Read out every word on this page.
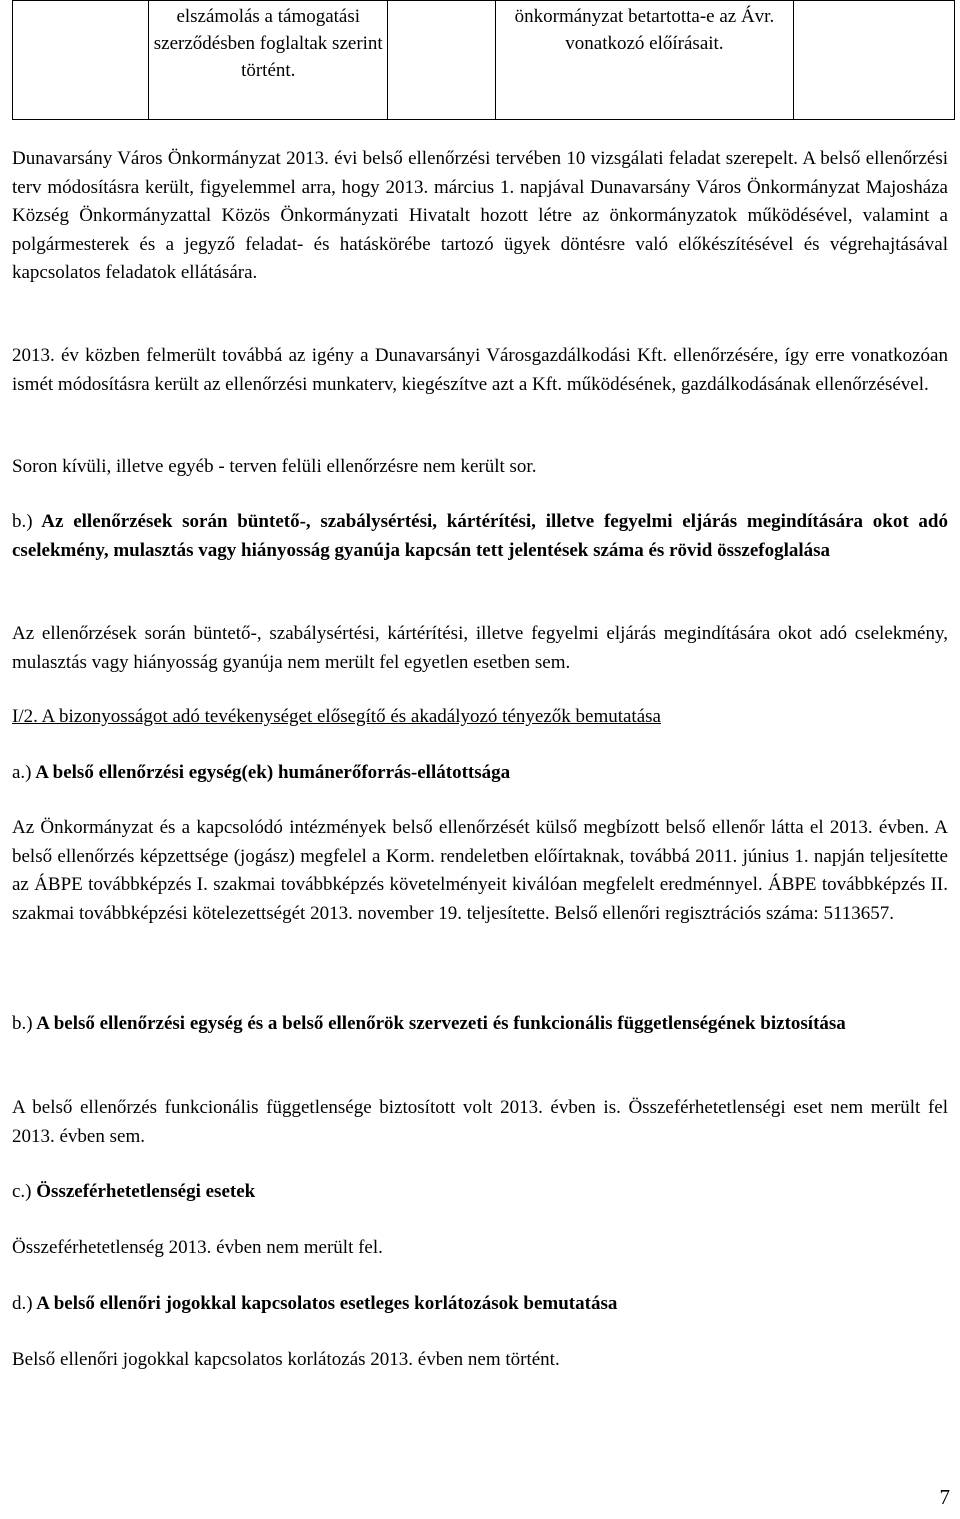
	elszámolás a támogatási szerződésben foglaltak szerint történt.		önkormányzat betartotta-e az Ávr. vonatkozó előírásait.	
Dunavarsány Város Önkormányzat 2013. évi belső ellenőrzési tervében 10 vizsgálati feladat szerepelt. A belső ellenőrzési terv módosításra került, figyelemmel arra, hogy 2013. március 1. napjával Dunavarsány Város Önkormányzat Majosháza Község Önkormányzattal Közös Önkormányzati Hivatalt hozott létre az önkormányzatok működésével, valamint a polgármesterek és a jegyző feladat- és hatáskörébe tartozó ügyek döntésre való előkészítésével és végrehajtásával kapcsolatos feladatok ellátására.
2013. év közben felmerült továbbá az igény a Dunavarsányi Városgazdálkodási Kft. ellenőrzésére, így erre vonatkozóan ismét módosításra került az ellenőrzési munkaterv, kiegészítve azt a Kft. működésének, gazdálkodásának ellenőrzésével.
Soron kívüli, illetve egyéb - terven felüli ellenőrzésre nem került sor.
b.) Az ellenőrzések során büntető-, szabálysértési, kártérítési, illetve fegyelmi eljárás megindítására okot adó cselekmény, mulasztás vagy hiányosság gyanúja kapcsán tett jelentések száma és rövid összefoglalása
Az ellenőrzések során büntető-, szabálysértési, kártérítési, illetve fegyelmi eljárás megindítására okot adó cselekmény, mulasztás vagy hiányosság gyanúja nem merült fel egyetlen esetben sem.
I/2. A bizonyosságot adó tevékenységet elősegítő és akadályozó tényezők bemutatása
a.) A belső ellenőrzési egység(ek) humánerőforrás-ellátottsága
Az Önkormányzat és a kapcsolódó intézmények belső ellenőrzését külső megbízott belső ellenőr látta el 2013. évben. A belső ellenőrzés képzettsége (jogász) megfelel a Korm. rendeletben előírtaknak, továbbá 2011. június 1. napján teljesítette az ÁBPE továbbképzés I. szakmai továbbképzés követelményeit kiválóan megfelelt eredménnyel. ÁBPE továbbképzés II. szakmai továbbképzési kötelezettségét 2013. november 19. teljesítette. Belső ellenőri regisztrációs száma: 5113657.
b.) A belső ellenőrzési egység és a belső ellenőrök szervezeti és funkcionális függetlenségének biztosítása
A belső ellenőrzés funkcionális függetlensége biztosított volt 2013. évben is. Összeférhetetlenségi eset nem merült fel 2013. évben sem.
c.) Összeférhetetlenségi esetek
Összeférhetetlenség 2013. évben nem merült fel.
d.) A belső ellenőri jogokkal kapcsolatos esetleges korlátozások bemutatása
Belső ellenőri jogokkal kapcsolatos korlátozás 2013. évben nem történt.
7
